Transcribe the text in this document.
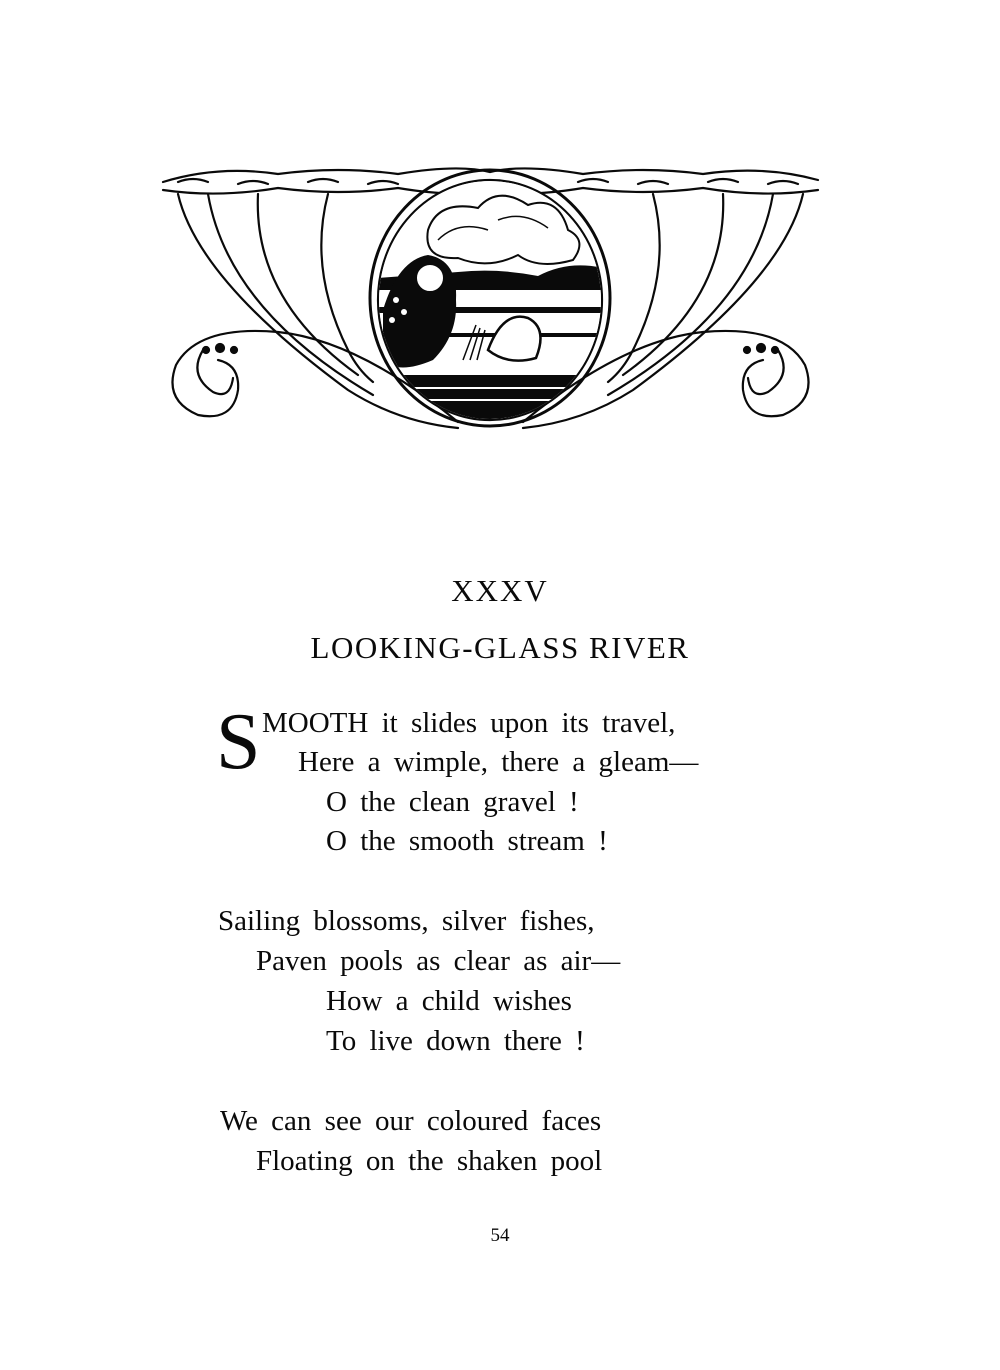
XXXV
LOOKING-GLASS RIVER
S MOOTH it slides upon its travel,
Here a wimple, there a gleam—
O the clean gravel !
O the smooth stream !
Sailing blossoms, silver fishes,
Paven pools as clear as air—
How a child wishes
To live down there !
We can see our coloured faces
Floating on the shaken pool
54
